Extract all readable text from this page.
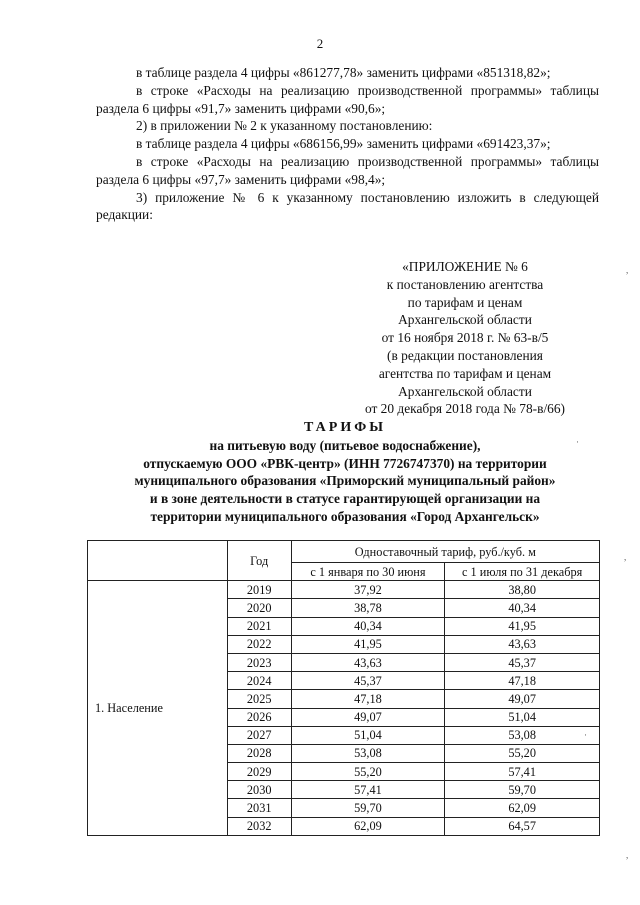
2

в таблице раздела 4 цифры «861277,78» заменить цифрами «851318,82»;

в строке «Расходы на реализацию производственной программы» таблицы раздела 6 цифры «91,7» заменить цифрами «90,6»;

2) в приложении № 2 к указанному постановлению:

в таблице раздела 4 цифры «686156,99» заменить цифрами «691423,37»;

в строке «Расходы на реализацию производственной программы» таблицы раздела 6 цифры «97,7» заменить цифрами «98,4»;

3) приложение № 6 к указанному постановлению изложить в следующей редакции:

«ПРИЛОЖЕНИЕ № 6
к постановлению агентства
по тарифам и ценам
Архангельской области
от 16 ноября 2018 г. № 63-в/5
(в редакции постановления
агентства по тарифам и ценам
Архангельской области
от 20 декабря 2018 года № 78-в/66)
ТАРИФЫ
на питьевую воду (питьевое водоснабжение),
отпускаемую ООО «РВК-центр» (ИНН 7726747370) на территории
муниципального образования «Приморский муниципальный район»
и в зоне деятельности в статусе гарантирующей организации на
территории муниципального образования «Город Архангельск»
	Год	Одноставочный тариф, руб./куб. м	
		с 1 января по 30 июня	с 1 июля по 31 декабря
1. Население	2019	37,92	38,80
	2020	38,78	40,34
	2021	40,34	41,95
	2022	41,95	43,63
	2023	43,63	45,37
	2024	45,37	47,18
	2025	47,18	49,07
	2026	49,07	51,04
	2027	51,04	53,08
	2028	53,08	55,20
	2029	55,20	57,41
	2030	57,41	59,70
	2031	59,70	62,09
	2032	62,09	64,57
,
·
,
·
,
